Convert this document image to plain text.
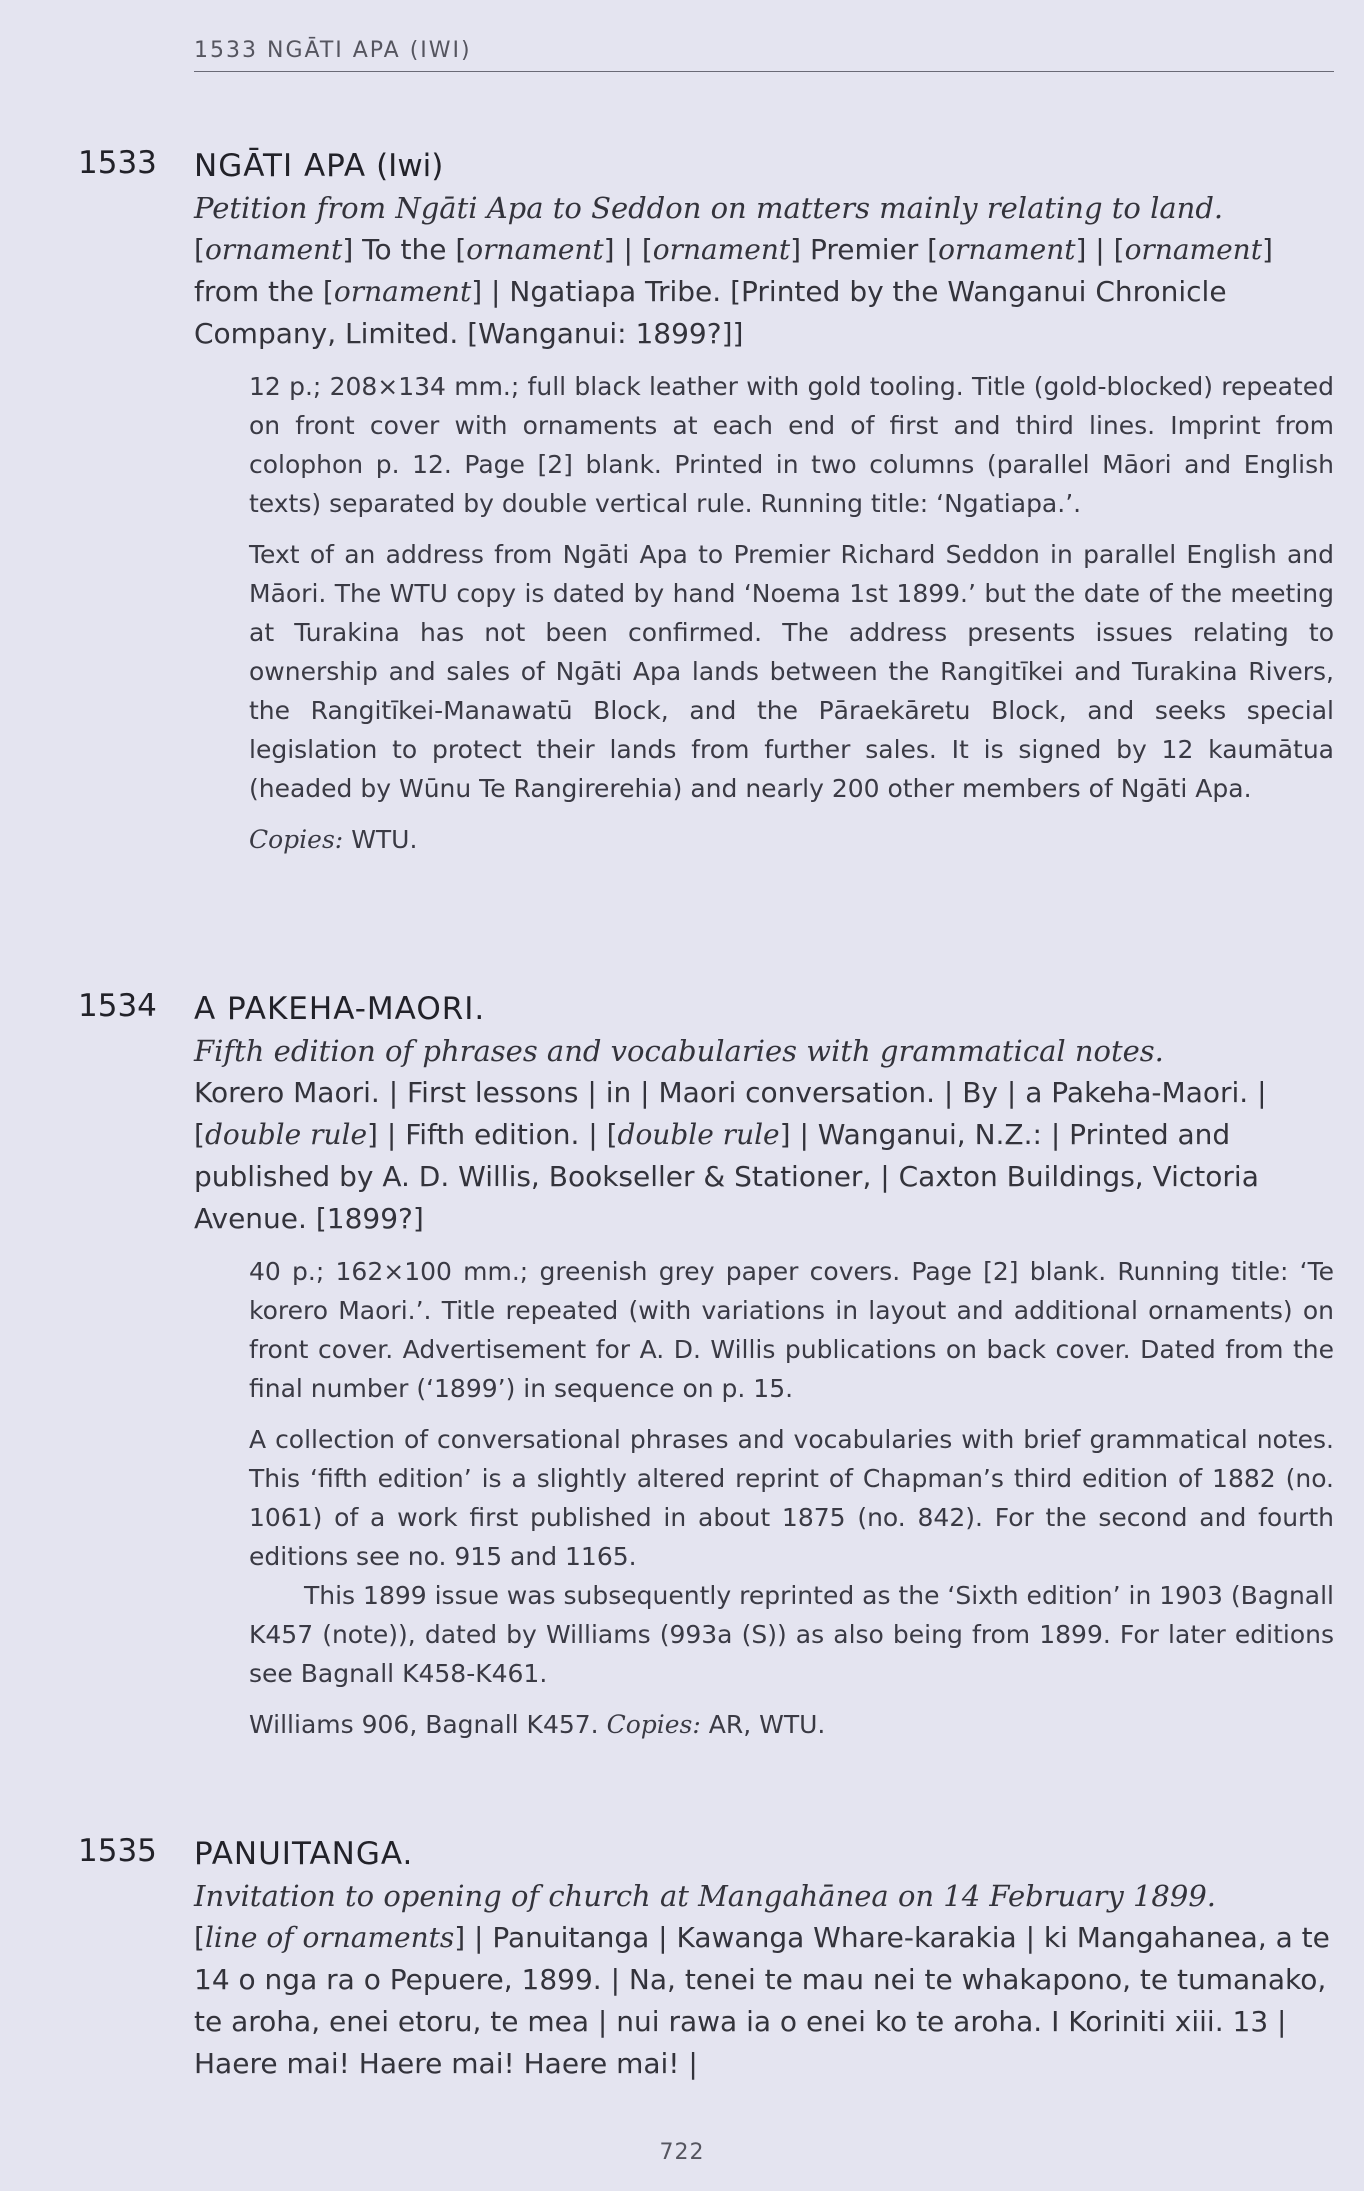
1533 NGĀTI APA (IWI)
1533 NGĀTI APA (Iwi)
Petition from Ngāti Apa to Seddon on matters mainly relating to land.
[ornament] To the [ornament] | [ornament] Premier [ornament] | [ornament] from the [ornament] | Ngatiapa Tribe. [Printed by the Wanganui Chronicle Company, Limited. [Wanganui: 1899?]]

12 p.; 208×134 mm.; full black leather with gold tooling. Title (gold-blocked) repeated on front cover with ornaments at each end of first and third lines. Imprint from colophon p. 12. Page [2] blank. Printed in two columns (parallel Māori and English texts) separated by double vertical rule. Running title: ‘Ngatiapa.’.

Text of an address from Ngāti Apa to Premier Richard Seddon in parallel English and Māori. The WTU copy is dated by hand ‘Noema 1st 1899.’ but the date of the meeting at Turakina has not been confirmed. The address presents issues relating to ownership and sales of Ngāti Apa lands between the Rangitīkei and Turakina Rivers, the Rangitīkei-Manawatū Block, and the Pāraekāretu Block, and seeks special legislation to protect their lands from further sales. It is signed by 12 kaumātua (headed by Wūnu Te Rangirerehia) and nearly 200 other members of Ngāti Apa.

Copies: WTU.

1534 A PAKEHA-MAORI.
Fifth edition of phrases and vocabularies with grammatical notes.
Korero Maori. | First lessons | in | Maori conversation. | By | a Pakeha-Maori. | [double rule] | Fifth edition. | [double rule] | Wanganui, N.Z.: | Printed and published by A. D. Willis, Bookseller & Stationer, | Caxton Buildings, Victoria Avenue. [1899?]

40 p.; 162×100 mm.; greenish grey paper covers. Page [2] blank. Running title: ‘Te korero Maori.’. Title repeated (with variations in layout and additional ornaments) on front cover. Advertisement for A. D. Willis publications on back cover. Dated from the final number (‘1899’) in sequence on p. 15.

A collection of conversational phrases and vocabularies with brief grammatical notes. This ‘fifth edition’ is a slightly altered reprint of Chapman’s third edition of 1882 (no. 1061) of a work first published in about 1875 (no. 842). For the second and fourth editions see no. 915 and 1165.

This 1899 issue was subsequently reprinted as the ‘Sixth edition’ in 1903 (Bagnall K457 (note)), dated by Williams (993a (S)) as also being from 1899. For later editions see Bagnall K458-K461.

Williams 906, Bagnall K457. Copies: AR, WTU.

1535 PANUITANGA.
Invitation to opening of church at Mangahānea on 14 February 1899.
[line of ornaments] | Panuitanga | Kawanga Whare-karakia | ki Mangahanea, a te 14 o nga ra o Pepuere, 1899. | Na, tenei te mau nei te whakapono, te tumanako, te aroha, enei etoru, te mea | nui rawa ia o enei ko te aroha. I Koriniti xiii. 13 | Haere mai! Haere mai! Haere mai! |
722
